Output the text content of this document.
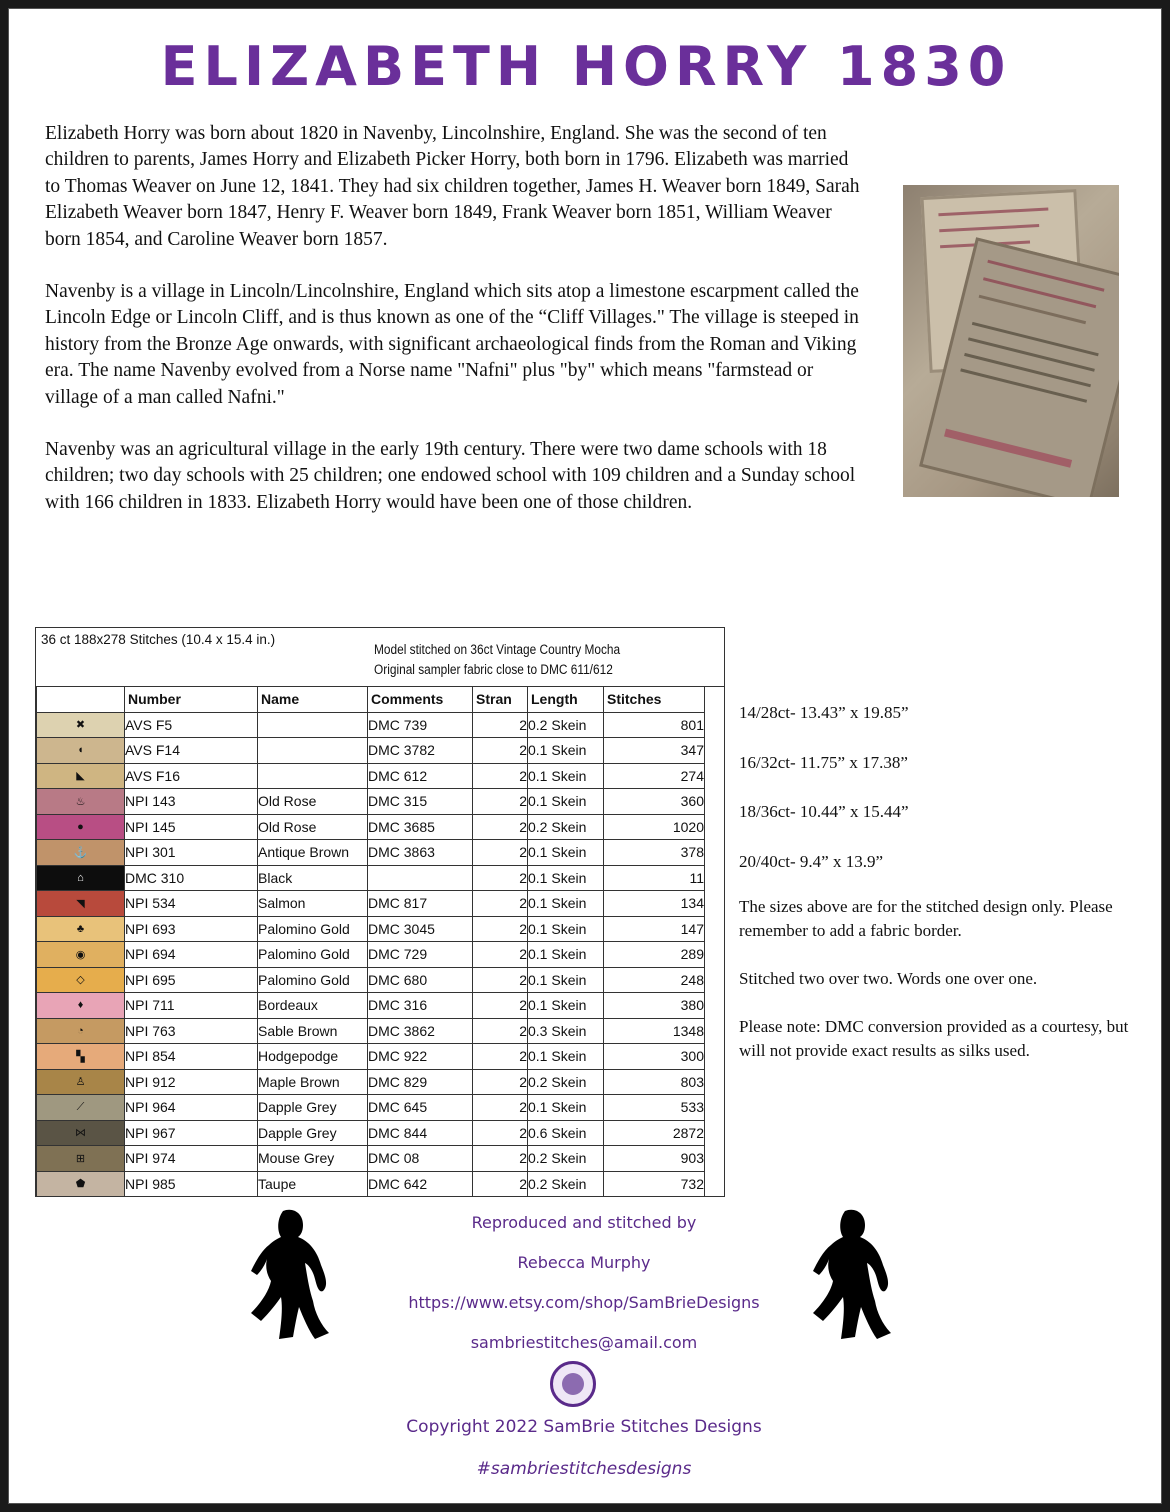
ELIZABETH HORRY 1830

Elizabeth Horry was born about 1820 in Navenby, Lincolnshire, England. She was the second of ten children to parents, James Horry and Elizabeth Picker Horry, both born in 1796. Elizabeth was married to Thomas Weaver on June 12, 1841. They had six children together, James H. Weaver born 1849, Sarah Elizabeth Weaver born 1847, Henry F. Weaver born 1849, Frank Weaver born 1851, William Weaver born 1854, and Caroline Weaver born 1857.

Navenby is a village in Lincoln/Lincolnshire, England which sits atop a limestone escarpment called the Lincoln Edge or Lincoln Cliff, and is thus known as one of the “Cliff Villages." The village is steeped in history from the Bronze Age onwards, with significant archaeological finds from the Roman and Viking era. The name Navenby evolved from a Norse name "Nafni" plus "by" which means "farmstead or village of a man called Nafni."

Navenby was an agricultural village in the early 19th century. There were two dame schools with 18 children; two day schools with 25 children; one endowed school with 109 children and a Sunday school with 166 children in 1833. Elizabeth Horry would have been one of those children.

36 ct 188x278 Stitches (10.4 x 15.4 in.)
Model stitched on 36ct Vintage Country Mocha
Original sampler fabric close to DMC 611/612
	Number	Name	Comments	Stran	Length	Stitches
✖	AVS F5		DMC 739	2	0.2 Skein	801
◖	AVS F14		DMC 3782	2	0.1 Skein	347
◣	AVS F16		DMC 612	2	0.1 Skein	274
♨	NPI 143	Old Rose	DMC 315	2	0.1 Skein	360
●	NPI 145	Old Rose	DMC 3685	2	0.2 Skein	1020
⚓	NPI 301	Antique Brown	DMC 3863	2	0.1 Skein	378
⌂	DMC 310	Black		2	0.1 Skein	11
◥	NPI 534	Salmon	DMC 817	2	0.1 Skein	134
♣	NPI 693	Palomino Gold	DMC 3045	2	0.1 Skein	147
◉	NPI 694	Palomino Gold	DMC 729	2	0.1 Skein	289
◇	NPI 695	Palomino Gold	DMC 680	2	0.1 Skein	248
♦	NPI 711	Bordeaux	DMC 316	2	0.1 Skein	380
◔	NPI 763	Sable Brown	DMC 3862	2	0.3 Skein	1348
▚	NPI 854	Hodgepodge	DMC 922	2	0.1 Skein	300
♙	NPI 912	Maple Brown	DMC 829	2	0.2 Skein	803
⟋	NPI 964	Dapple Grey	DMC 645	2	0.1 Skein	533
⋈	NPI 967	Dapple Grey	DMC 844	2	0.6 Skein	2872
⊞	NPI 974	Mouse Grey	DMC 08	2	0.2 Skein	903
⬟	NPI 985	Taupe	DMC 642	2	0.2 Skein	732
14/28ct- 13.43” x 19.85”
16/32ct- 11.75” x 17.38”
18/36ct- 10.44” x 15.44”
20/40ct- 9.4” x 13.9”
The sizes above are for the stitched design only. Please remember to add a fabric border.
Stitched two over two. Words one over one.
Please note: DMC conversion provided as a courtesy, but will not provide exact results as silks used.
Reproduced and stitched by
Rebecca Murphy
https://www.etsy.com/shop/SamBrieDesigns
sambriestitches@amail.com
Copyright 2022 SamBrie Stitches Designs
#sambriestitchesdesigns
